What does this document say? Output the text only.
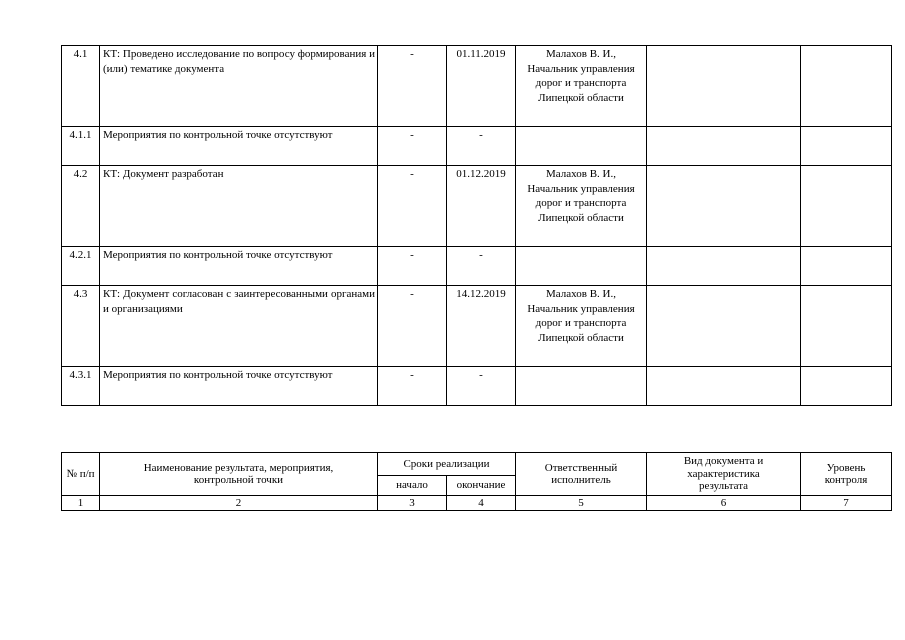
4.1	КТ: Проведено исследование по вопросу формирования и (или) тематике документа	-	01.11.2019	Малахов В. И.,
Начальник управления дорог и транспорта Липецкой области		

4.1.1	Мероприятия по контрольной точке отсутствуют	-	-	

4.2	КТ: Документ разработан	-	01.12.2019	Малахов В. И.,
Начальник управления дорог и транспорта Липецкой области		

4.2.1	Мероприятия по контрольной точке отсутствуют	-	-	

4.3	КТ: Документ согласован с заинтересованными органами и организациями	-	14.12.2019	Малахов В. И.,
Начальник управления дорог и транспорта Липецкой области		

4.3.1	Мероприятия по контрольной точке отсутствуют	-	-	

№ п/п	Наименование результата, мероприятия, контрольной точки	Сроки реализации		Ответственный исполнитель	Вид документа и характеристика результата	Уровень контроля
		начало	окончание			
1	2	3	4	5	6	7
